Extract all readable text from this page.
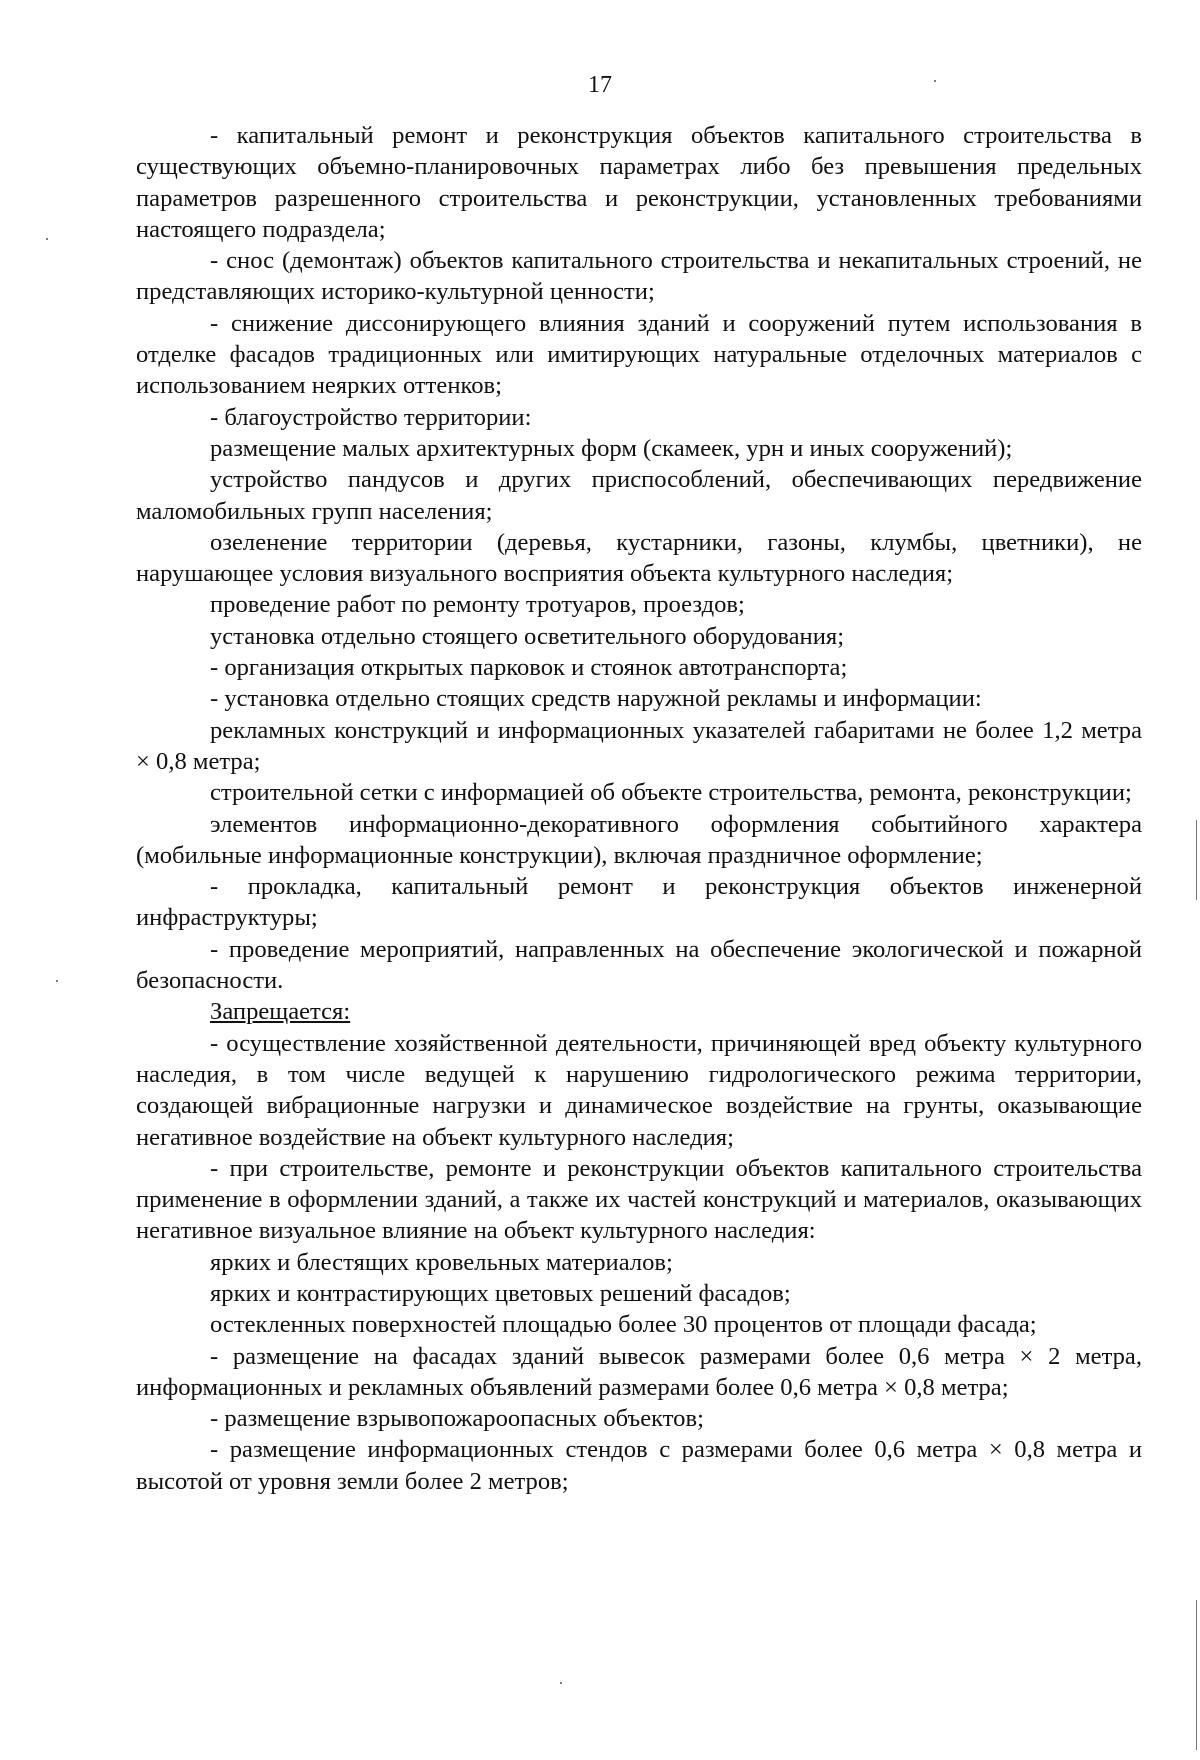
17

- капитальный ремонт и реконструкция объектов капитального строительства в существующих объемно-планировочных параметрах либо без превышения предельных параметров разрешенного строительства и реконструкции, установленных требованиями настоящего подраздела;

- снос (демонтаж) объектов капитального строительства и некапитальных строений, не представляющих историко-культурной ценности;

- снижение диссонирующего влияния зданий и сооружений путем использования в отделке фасадов традиционных или имитирующих натуральные отделочных материалов с использованием неярких оттенков;

- благоустройство территории:

размещение малых архитектурных форм (скамеек, урн и иных сооружений);

устройство пандусов и других приспособлений, обеспечивающих передвижение маломобильных групп населения;

озеленение территории (деревья, кустарники, газоны, клумбы, цветники), не нарушающее условия визуального восприятия объекта культурного наследия;

проведение работ по ремонту тротуаров, проездов;

установка отдельно стоящего осветительного оборудования;

- организация открытых парковок и стоянок автотранспорта;

- установка отдельно стоящих средств наружной рекламы и информации:

рекламных конструкций и информационных указателей габаритами не более 1,2 метра × 0,8 метра;

строительной сетки с информацией об объекте строительства, ремонта, реконструкции;

элементов информационно-декоративного оформления событийного характера (мобильные информационные конструкции), включая праздничное оформление;

- прокладка, капитальный ремонт и реконструкция объектов инженерной инфраструктуры;

- проведение мероприятий, направленных на обеспечение экологической и пожарной безопасности.

Запрещается:

- осуществление хозяйственной деятельности, причиняющей вред объекту культурного наследия, в том числе ведущей к нарушению гидрологического режима территории, создающей вибрационные нагрузки и динамическое воздействие на грунты, оказывающие негативное воздействие на объект культурного наследия;

- при строительстве, ремонте и реконструкции объектов капитального строительства применение в оформлении зданий, а также их частей конструкций и материалов, оказывающих негативное визуальное влияние на объект культурного наследия:

ярких и блестящих кровельных материалов;

ярких и контрастирующих цветовых решений фасадов;

остекленных поверхностей площадью более 30 процентов от площади фасада;

- размещение на фасадах зданий вывесок размерами более 0,6 метра × 2 метра, информационных и рекламных объявлений размерами более 0,6 метра × 0,8 метра;

- размещение взрывопожароопасных объектов;

- размещение информационных стендов с размерами более 0,6 метра × 0,8 метра и высотой от уровня земли более 2 метров;
